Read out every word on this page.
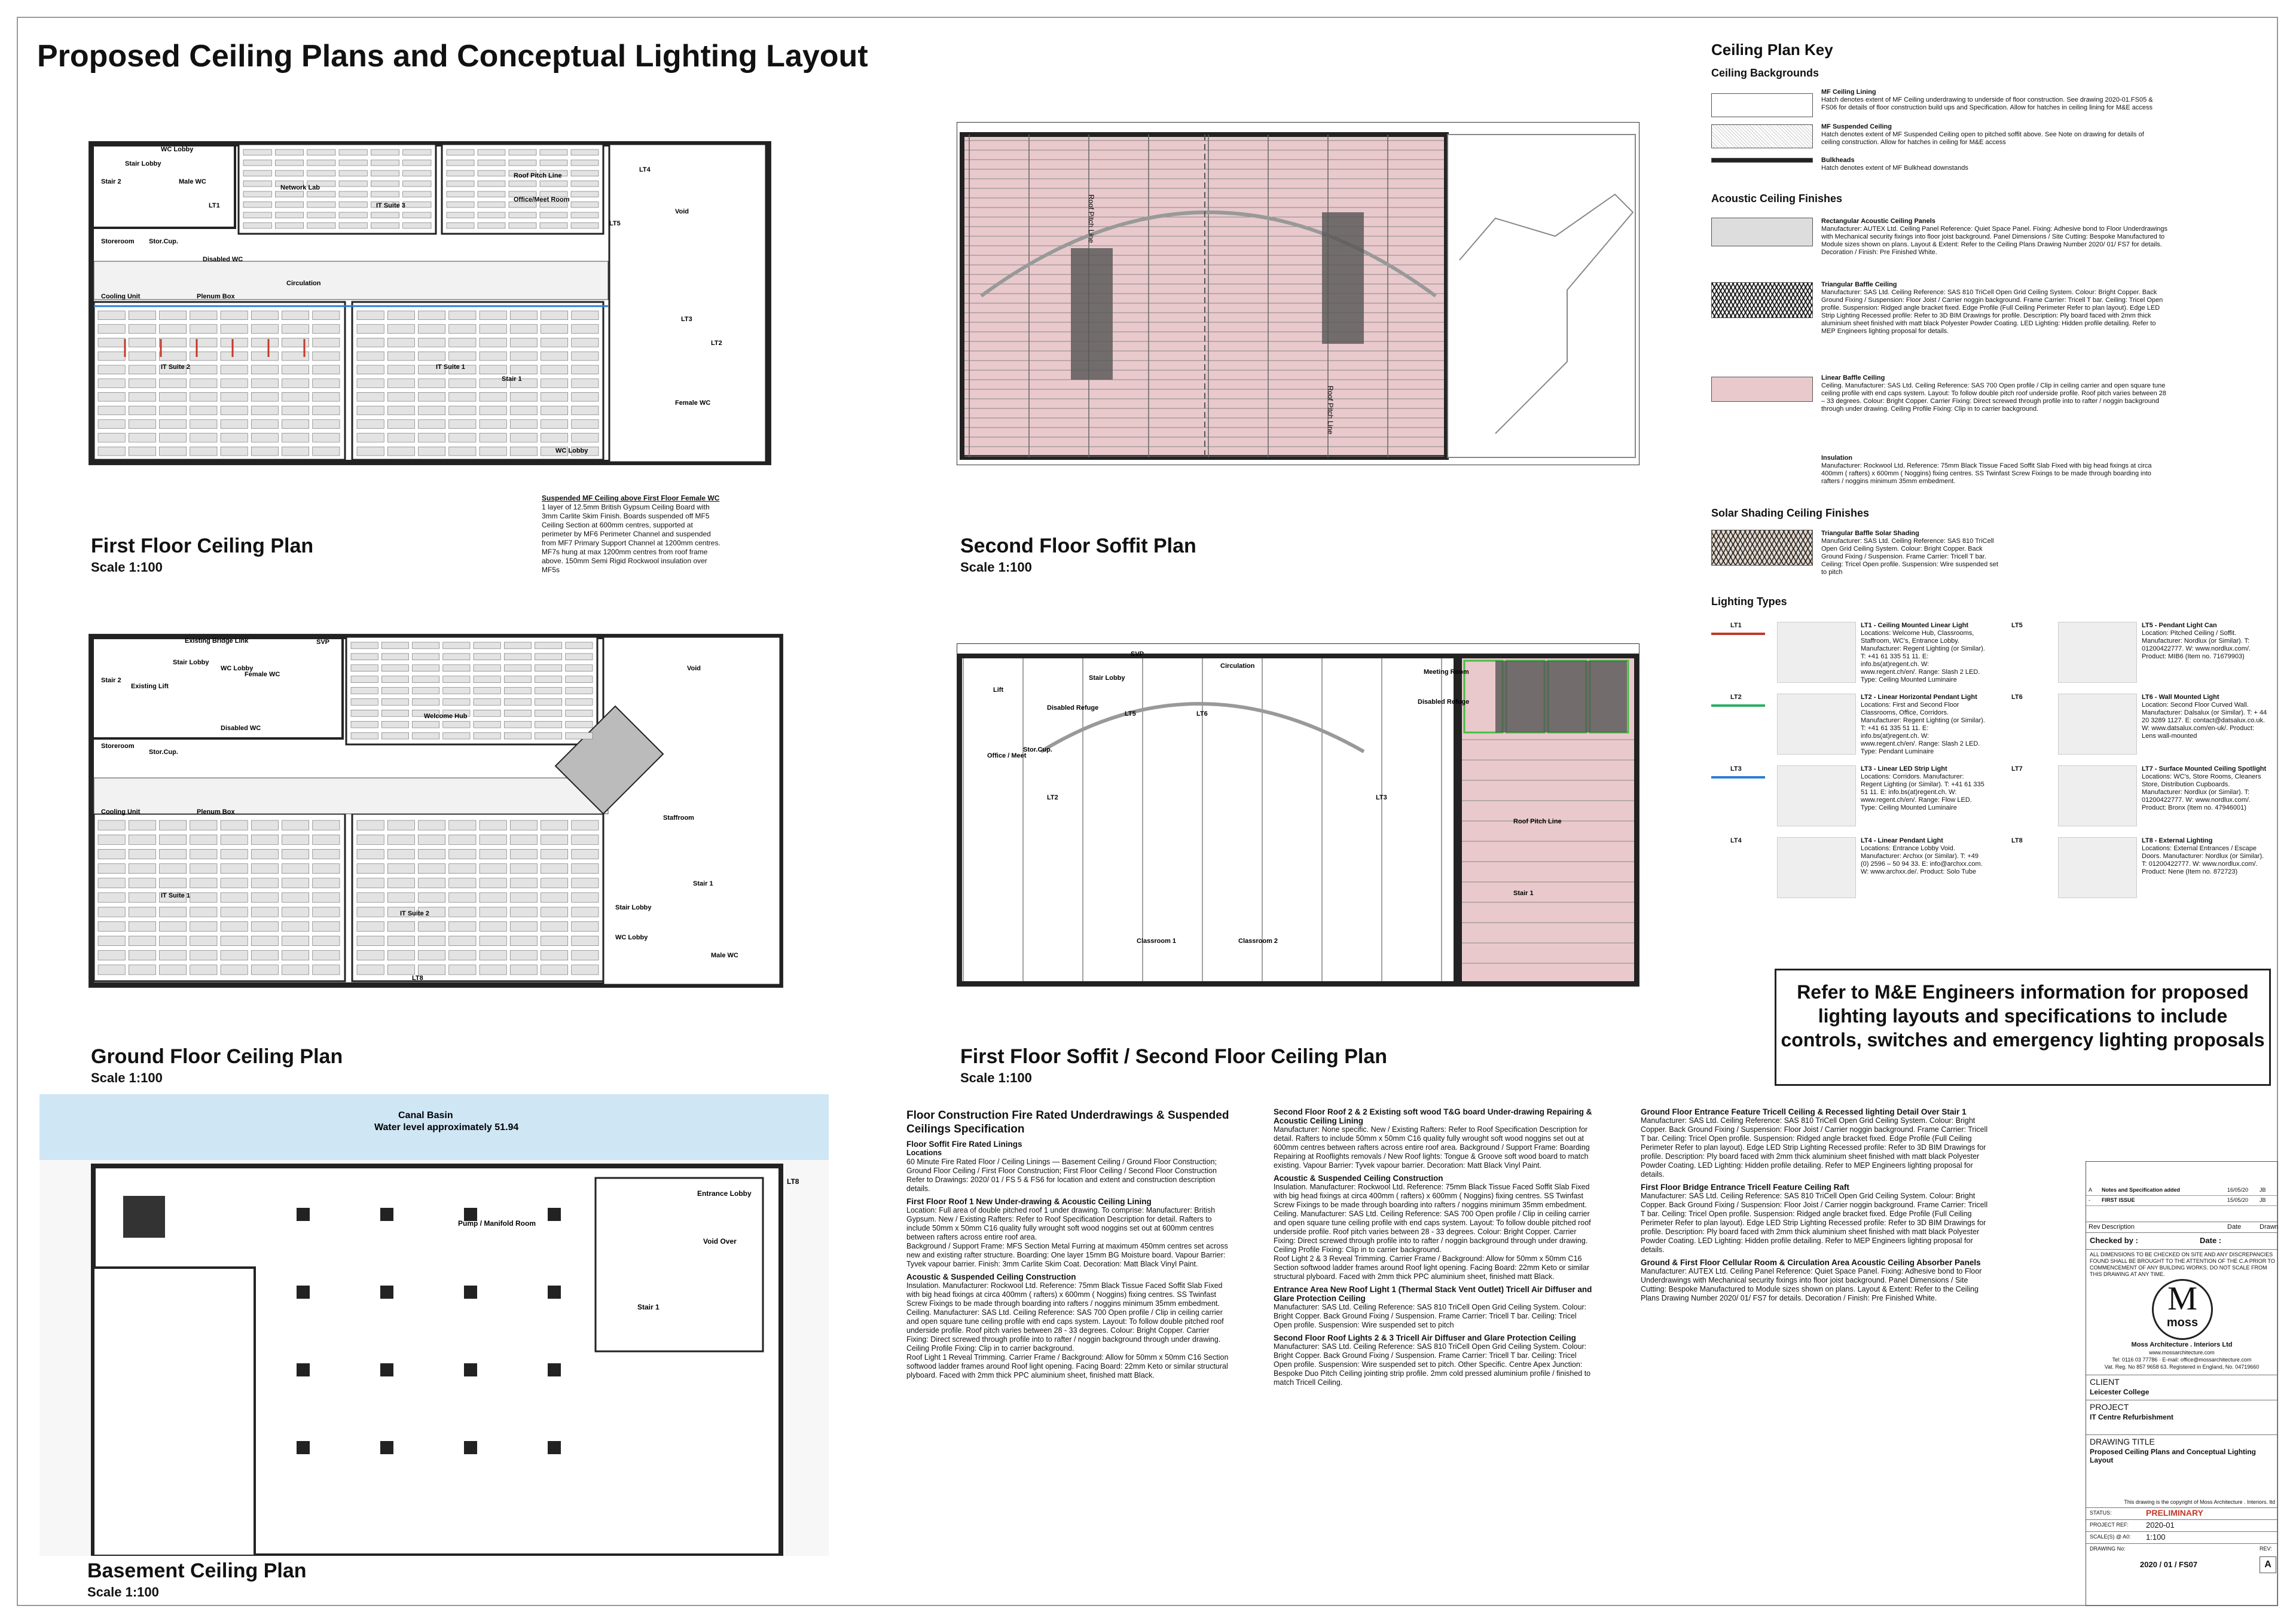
Proposed Ceiling Plans and Conceptual Lighting Layout
Stair 2
Stair Lobby
WC Lobby
Male WC
Network Lab
Office/Meet Room
LT4
Void
Storeroom Stor.Cup.
LT1
Disabled WC
Circulation
IT Suite 3
IT Suite 2	IT Suite 1
Stair 1
WC Lobby
Female WC
Cooling Unit	Plenum Box
Roof Pitch Line
LT5
LT2
LT3
First Floor Ceiling Plan
Scale 1:100
Suspended MF Ceiling above First Floor Female WC
1 layer of 12.5mm British Gypsum Ceiling Board with 3mm Carlite Skim Finish. Boards suspended off MF5 Ceiling Section at 600mm centres, supported at perimeter by MF6 Perimeter Channel and suspended from MF7 Primary Support Channel at 1200mm centres. MF7s hung at max 1200mm centres from roof frame above. 150mm Semi Rigid Rockwool insulation over MF5s
Roof Pitch Line
Roof Pitch Line
Second Floor Soffit Plan
Scale 1:100
Existing Bridge Link
Stair 2
Existing Lift
Stair Lobby
WC Lobby
Female WC
Welcome Hub
Void
Storeroom
Stor.Cup.
Disabled WC
Staffroom
IT Suite 1
IT Suite 2
Stair Lobby
WC Lobby
Male WC
Stair 1
Cooling Unit	Plenum Box
LT8
SVP
Ground Floor Ceiling Plan
Scale 1:100
Stair Lobby
Lift
Disabled Refuge
Circulation
Meeting Room
Disabled Refuge
Office / Meet
Stor.Cup.
Classroom 1	Classroom 2
Roof Pitch Line
Stair 1
LT5	LT6
LT2	LT3
SVP
First Floor Soffit / Second Floor Ceiling Plan
Scale 1:100
Canal Basin
Water level approximately 51.94
Pump / Manifold Room
Void Over
Entrance Lobby
Stair 1
LT8
Basement Ceiling Plan
Scale 1:100
Ceiling Plan Key
Ceiling Backgrounds
Acoustic Ceiling Finishes
Solar Shading Ceiling Finishes
Triangular Baffle Solar Shading
Manufacturer: SAS Ltd. Ceiling Reference: SAS 810 TriCell Open Grid Ceiling System. Colour: Bright Copper. Back Ground Fixing / Suspension. Frame Carrier: Tricell T bar. Ceiling: Tricel Open profile. Suspension: Wire suspended set to pitch
Lighting Types
MF Ceiling Lining
Hatch denotes extent of MF Ceiling underdrawing to underside of floor construction. See drawing 2020-01.FS05 & FS06 for details of floor construction build ups and Specification. Allow for hatches in ceiling lining for M&E access
MF Suspended Ceiling
Hatch denotes extent of MF Suspended Ceiling open to pitched soffit above. See Note on drawing for details of ceiling construction. Allow for hatches in ceiling for M&E access
Bulkheads
Hatch denotes extent of MF Bulkhead downstands
Rectangular Acoustic Ceiling Panels
Manufacturer: AUTEX Ltd. Ceiling Panel Reference: Quiet Space Panel. Fixing: Adhesive bond to Floor Underdrawings with Mechanical security fixings into floor joist background. Panel Dimensions / Site Cutting: Bespoke Manufactured to Module sizes shown on plans. Layout & Extent: Refer to the Ceiling Plans Drawing Number 2020/ 01/ FS7 for details. Decoration / Finish: Pre Finished White.
Triangular Baffle Ceiling
Manufacturer: SAS Ltd. Ceiling Reference: SAS 810 TriCell Open Grid Ceiling System. Colour: Bright Copper. Back Ground Fixing / Suspension: Floor Joist / Carrier noggin background. Frame Carrier: Tricell T bar. Ceiling: Tricel Open profile. Suspension: Ridged angle bracket fixed. Edge Profile (Full Ceiling Perimeter Refer to plan layout). Edge LED Strip Lighting Recessed profile: Refer to 3D BIM Drawings for profile. Description: Ply board faced with 2mm thick aluminium sheet finished with matt black Polyester Powder Coating. LED Lighting: Hidden profile detailing. Refer to MEP Engineers lighting proposal for details.
Linear Baffle Ceiling
Ceiling. Manufacturer: SAS Ltd. Ceiling Reference: SAS 700 Open profile / Clip in ceiling carrier and open square tune ceiling profile with end caps system. Layout: To follow double pitch roof underside profile. Roof pitch varies between 28 – 33 degrees. Colour: Bright Copper. Carrier Fixing: Direct screwed through profile into to rafter / noggin background through under drawing. Ceiling Profile Fixing: Clip in to carrier background.
Insulation
Manufacturer: Rockwool Ltd. Reference: 75mm Black Tissue Faced Soffit Slab Fixed with big head fixings at circa 400mm ( rafters) x 600mm ( Noggins) fixing centres. SS Twinfast Screw Fixings to be made through boarding into rafters / noggins minimum 35mm embedment.
LT1	LT1 - Ceiling Mounted Linear Light
Locations: Welcome Hub, Classrooms, Staffroom, WC's, Entrance Lobby. Manufacturer: Regent Lighting (or Similar). T: +41 61 335 51 11. E: info.bs(at)regent.ch. W: www.regent.ch/en/. Range: Slash 2 LED. Type: Ceiling Mounted Luminaire
LT2	LT2 - Linear Horizontal Pendant Light
Locations: First and Second Floor Classrooms, Office, Corridors. Manufacturer: Regent Lighting (or Similar). T: +41 61 335 51 11. E: info.bs(at)regent.ch. W: www.regent.ch/en/. Range: Slash 2 LED. Type: Pendant Luminaire
LT3	LT3 - Linear LED Strip Light
Locations: Corridors. Manufacturer: Regent Lighting (or Similar). T: +41 61 335 51 11. E: info.bs(at)regent.ch. W: www.regent.ch/en/. Range: Flow LED. Type: Ceiling Mounted Luminaire
LT4	LT4 - Linear Pendant Light
Locations: Entrance Lobby Void. Manufacturer: Archxx (or Similar). T: +49 (0) 2596 – 50 94 33. E: info@archxx.com. W: www.archxx.de/. Product: Solo Tube
LT5	LT5 - Pendant Light Can
Location: Pitched Ceiling / Soffit. Manufacturer: Nordlux (or Similar). T: 01200422777. W: www.nordlux.com/. Product: MIB6 (Item no. 71679903)
LT6	LT6 - Wall Mounted Light
Location: Second Floor Curved Wall. Manufacturer: Dalsalux (or Similar). T: + 44 20 3289 1127. E: contact@datsalux.co.uk. W: www.datsalux.com/en-uk/. Product: Lens wall-mounted
LT7	LT7 - Surface Mounted Ceiling Spotlight
Locations: WC's, Store Rooms, Cleaners Store, Distribution Cupboards. Manufacturer: Nordlux (or Similar). T: 01200422777. W: www.nordlux.com/. Product: Bronx (Item no. 47946001)
LT8	LT8 - External Lighting
Locations: External Entrances / Escape Doors. Manufacturer: Nordlux (or Similar). T: 01200422777. W: www.nordlux.com/. Product: Nene (Item no. 872723)
Refer to M&E Engineers information for proposed lighting layouts and specifications to include controls, switches and emergency lighting proposals

Floor Construction Fire Rated Underdrawings & Suspended Ceilings Specification

Floor Soffit Fire Rated Linings

Locations

60 Minute Fire Rated Floor / Ceiling Linings — Basement Ceiling / Ground Floor Construction; Ground Floor Ceiling / First Floor Construction; First Floor Ceiling / Second Floor Construction

Refer to Drawings: 2020/ 01 / FS 5 & FS6 for location and extent and construction description details.

First Floor Roof 1 New Under-drawing & Acoustic Ceiling Lining

Location: Full area of double pitched roof 1 under drawing. To comprise: Manufacturer: British Gypsum. New / Existing Rafters: Refer to Roof Specification Description for detail. Rafters to include 50mm x 50mm C16 quality fully wrought soft wood noggins set out at 600mm centres between rafters across entire roof area.

Background / Support Frame: MFS Section Metal Furring at maximum 450mm centres set across new and existing rafter structure. Boarding: One layer 15mm BG Moisture board. Vapour Barrier: Tyvek vapour barrier. Finish: 3mm Carlite Skim Coat. Decoration: Matt Black Vinyl Paint.

Acoustic & Suspended Ceiling Construction

Insulation. Manufacturer: Rockwool Ltd. Reference: 75mm Black Tissue Faced Soffit Slab Fixed with big head fixings at circa 400mm ( rafters) x 600mm ( Noggins) fixing centres. SS Twinfast Screw Fixings to be made through boarding into rafters / noggins minimum 35mm embedment.

Ceiling. Manufacturer: SAS Ltd. Ceiling Reference: SAS 700 Open profile / Clip in ceiling carrier and open square tune ceiling profile with end caps system. Layout: To follow double pitched roof underside profile. Roof pitch varies between 28 - 33 degrees. Colour: Bright Copper. Carrier Fixing: Direct screwed through profile into to rafter / noggin background through under drawing. Ceiling Profile Fixing: Clip in to carrier background.

Roof Light 1 Reveal Trimming. Carrier Frame / Background: Allow for 50mm x 50mm C16 Section softwood ladder frames around Roof light opening. Facing Board: 22mm Keto or similar structural plyboard. Faced with 2mm thick PPC aluminium sheet, finished matt Black.

Second Floor Roof 2 & 2 Existing soft wood T&G board Under-drawing Repairing & Acoustic Ceiling Lining

Manufacturer: None specific. New / Existing Rafters: Refer to Roof Specification Description for detail. Rafters to include 50mm x 50mm C16 quality fully wrought soft wood noggins set out at 600mm centres between rafters across entire roof area. Background / Support Frame: Boarding Repairing at Rooflights removals / New Roof lights: Tongue & Groove soft wood board to match existing. Vapour Barrier: Tyvek vapour barrier. Decoration: Matt Black Vinyl Paint.

Acoustic & Suspended Ceiling Construction

Insulation. Manufacturer: Rockwool Ltd. Reference: 75mm Black Tissue Faced Soffit Slab Fixed with big head fixings at circa 400mm ( rafters) x 600mm ( Noggins) fixing centres. SS Twinfast Screw Fixings to be made through boarding into rafters / noggins minimum 35mm embedment.

Ceiling. Manufacturer: SAS Ltd. Ceiling Reference: SAS 700 Open profile / Clip in ceiling carrier and open square tune ceiling profile with end caps system. Layout: To follow double pitched roof underside profile. Roof pitch varies between 28 - 33 degrees. Colour: Bright Copper. Carrier Fixing: Direct screwed through profile into to rafter / noggin background through under drawing. Ceiling Profile Fixing: Clip in to carrier background.

Roof Light 2 & 3 Reveal Trimming. Carrier Frame / Background: Allow for 50mm x 50mm C16 Section softwood ladder frames around Roof light opening. Facing Board: 22mm Keto or similar structural plyboard. Faced with 2mm thick PPC aluminium sheet, finished matt Black.

Entrance Area New Roof Light 1 (Thermal Stack Vent Outlet) Tricell Air Diffuser and Glare Protection Ceiling

Manufacturer: SAS Ltd. Ceiling Reference: SAS 810 TriCell Open Grid Ceiling System. Colour: Bright Copper. Back Ground Fixing / Suspension. Frame Carrier: Tricell T bar. Ceiling: Tricel Open profile. Suspension: Wire suspended set to pitch

Second Floor Roof Lights 2 & 3 Tricell Air Diffuser and Glare Protection Ceiling

Manufacturer: SAS Ltd. Ceiling Reference: SAS 810 TriCell Open Grid Ceiling System. Colour: Bright Copper. Back Ground Fixing / Suspension. Frame Carrier: Tricell T bar. Ceiling: Tricel Open profile. Suspension: Wire suspended set to pitch. Other Specific. Centre Apex Junction: Bespoke Duo Pitch Ceiling jointing strip profile. 2mm cold pressed aluminium profile / finished to match Tricell Ceiling.

Ground Floor Entrance Feature Tricell Ceiling & Recessed lighting Detail Over Stair 1

Manufacturer: SAS Ltd. Ceiling Reference: SAS 810 TriCell Open Grid Ceiling System. Colour: Bright Copper. Back Ground Fixing / Suspension: Floor Joist / Carrier noggin background. Frame Carrier: Tricell T bar. Ceiling: Tricel Open profile. Suspension: Ridged angle bracket fixed. Edge Profile (Full Ceiling Perimeter Refer to plan layout). Edge LED Strip Lighting Recessed profile: Refer to 3D BIM Drawings for profile. Description: Ply board faced with 2mm thick aluminium sheet finished with matt black Polyester Powder Coating. LED Lighting: Hidden profile detailing. Refer to MEP Engineers lighting proposal for details.

First Floor Bridge Entrance Tricell Feature Ceiling Raft

Manufacturer: SAS Ltd. Ceiling Reference: SAS 810 TriCell Open Grid Ceiling System. Colour: Bright Copper. Back Ground Fixing / Suspension: Floor Joist / Carrier noggin background. Frame Carrier: Tricell T bar. Ceiling: Tricel Open profile. Suspension: Ridged angle bracket fixed. Edge Profile (Full Ceiling Perimeter Refer to plan layout). Edge LED Strip Lighting Recessed profile: Refer to 3D BIM Drawings for profile. Description: Ply board faced with 2mm thick aluminium sheet finished with matt black Polyester Powder Coating. LED Lighting: Hidden profile detailing. Refer to MEP Engineers lighting proposal for details.

Ground & First Floor Cellular Room & Circulation Area Acoustic Ceiling Absorber Panels

Manufacturer: AUTEX Ltd. Ceiling Panel Reference: Quiet Space Panel. Fixing: Adhesive bond to Floor Underdrawings with Mechanical security fixings into floor joist background. Panel Dimensions / Site Cutting: Bespoke Manufactured to Module sizes shown on plans. Layout & Extent: Refer to the Ceiling Plans Drawing Number 2020/ 01/ FS7 for details. Decoration / Finish: Pre Finished White.

A Notes and Specification added	16/05/20 JB
- FIRST ISSUE	15/05/20 JB
Rev Description	Date	Drawn
Checked by :	Date :
ALL DIMENSIONS TO BE CHECKED ON SITE AND ANY DISCREPANCIES FOUND SHALL BE BROUGHT TO THE ATTENTION OF THE C.A PRIOR TO COMMENCEMENT OF ANY BUILDING WORKS. DO NOT SCALE FROM THIS DRAWING AT ANY TIME.
M
moss
Moss Architecture . Interiors Ltd
www.mossarchitecture.com
Tel: 0116 03 77786 · E-mail: office@mossarchitecture.com
Vat. Reg. No 857 9658 63. Registered in England, No. 04719660
CLIENT
Leicester College
PROJECT
IT Centre Refurbishment
DRAWING TITLE
Proposed Ceiling Plans and Conceptual Lighting Layout
This drawing is the copyright of Moss Architecture . Interiors. ltd
STATUS:	PRELIMINARY
PROJECT REF: 2020-01
SCALE(S) @ A0: 1:100
DRAWING No:
2020 / 01 / FS07
REV:
A
